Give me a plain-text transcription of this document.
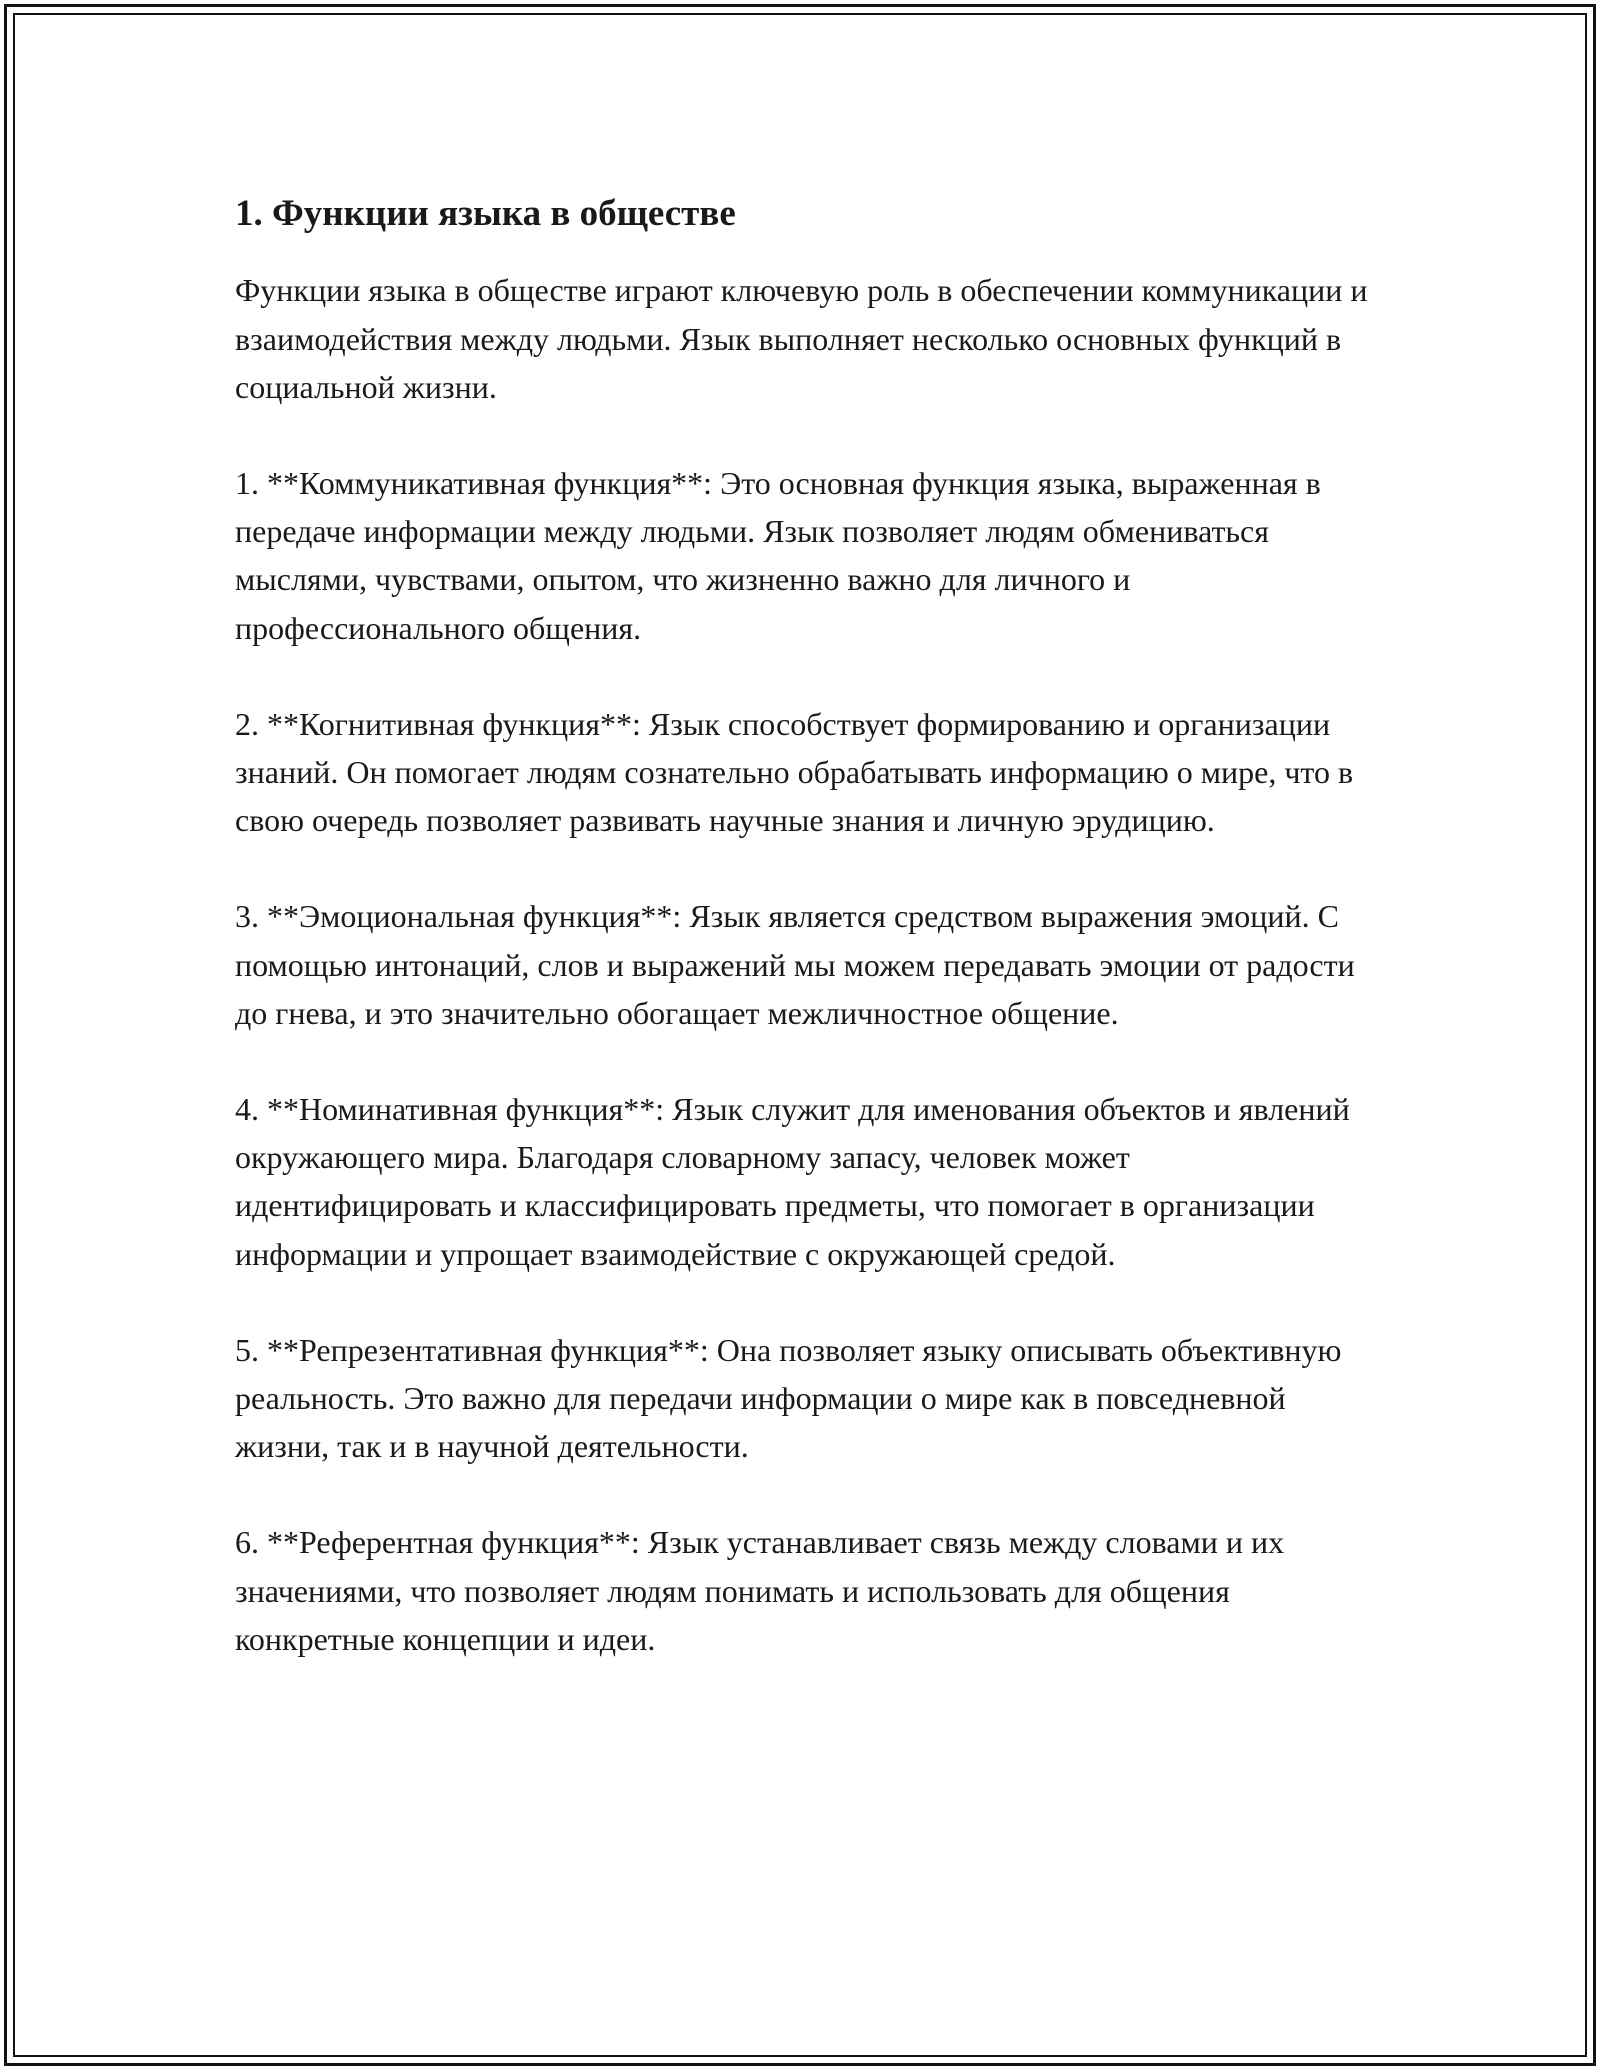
1. Функции языка в обществе

Функции языка в обществе играют ключевую роль в обеспечении коммуникации и взаимодействия между людьми. Язык выполняет несколько основных функций в социальной жизни.

1. **Коммуникативная функция**: Это основная функция языка, выраженная в передаче информации между людьми. Язык позволяет людям обмениваться мыслями, чувствами, опытом, что жизненно важно для личного и профессионального общения.

2. **Когнитивная функция**: Язык способствует формированию и организации знаний. Он помогает людям сознательно обрабатывать информацию о мире, что в свою очередь позволяет развивать научные знания и личную эрудицию.

3. **Эмоциональная функция**: Язык является средством выражения эмоций. С помощью интонаций, слов и выражений мы можем передавать эмоции от радости до гнева, и это значительно обогащает межличностное общение.

4. **Номинативная функция**: Язык служит для именования объектов и явлений окружающего мира. Благодаря словарному запасу, человек может идентифицировать и классифицировать предметы, что помогает в организации информации и упрощает взаимодействие с окружающей средой.

5. **Репрезентативная функция**: Она позволяет языку описывать объективную реальность. Это важно для передачи информации о мире как в повседневной жизни, так и в научной деятельности.

6. **Референтная функция**: Язык устанавливает связь между словами и их значениями, что позволяет людям понимать и использовать для общения конкретные концепции и идеи.
